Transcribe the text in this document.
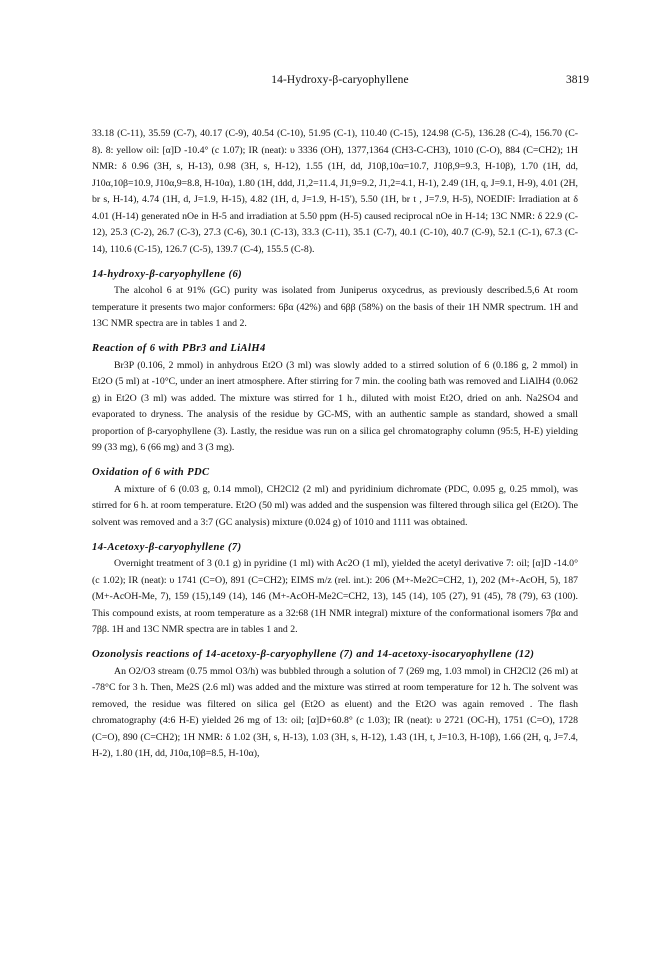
14-Hydroxy-β-caryophyllene	3819

33.18 (C-11), 35.59 (C-7), 40.17 (C-9), 40.54 (C-10), 51.95 (C-1), 110.40 (C-15), 124.98 (C-5), 136.28 (C-4), 156.70 (C-8). 8: yellow oil: [α]D -10.4° (c 1.07); IR (neat): υ 3336 (OH), 1377,1364 (CH3-C-CH3), 1010 (C-O), 884 (C=CH2); 1H NMR: δ 0.96 (3H, s, H-13), 0.98 (3H, s, H-12), 1.55 (1H, dd, J10β,10α=10.7, J10β,9=9.3, H-10β), 1.70 (1H, dd, J10α,10β=10.9, J10α,9=8.8, H-10α), 1.80 (1H, ddd, J1,2=11.4, J1,9=9.2, J1,2=4.1, H-1), 2.49 (1H, q, J=9.1, H-9), 4.01 (2H, br s, H-14), 4.74 (1H, d, J=1.9, H-15), 4.82 (1H, d, J=1.9, H-15'), 5.50 (1H, br t , J=7.9, H-5), NOEDIF: Irradiation at δ 4.01 (H-14) generated nOe in H-5 and irradiation at 5.50 ppm (H-5) caused reciprocal nOe in H-14; 13C NMR: δ 22.9 (C-12), 25.3 (C-2), 26.7 (C-3), 27.3 (C-6), 30.1 (C-13), 33.3 (C-11), 35.1 (C-7), 40.1 (C-10), 40.7 (C-9), 52.1 (C-1), 67.3 (C-14), 110.6 (C-15), 126.7 (C-5), 139.7 (C-4), 155.5 (C-8).

14-hydroxy-β-caryophyllene (6)

The alcohol 6 at 91% (GC) purity was isolated from Juniperus oxycedrus, as previously described.5,6 At room temperature it presents two major conformers: 6βα (42%) and 6ββ (58%) on the basis of their 1H NMR spectrum. 1H and 13C NMR spectra are in tables 1 and 2.

Reaction of 6 with PBr3 and LiAlH4

Br3P (0.106, 2 mmol) in anhydrous Et2O (3 ml) was slowly added to a stirred solution of 6 (0.186 g, 2 mmol) in Et2O (5 ml) at -10°C, under an inert atmosphere. After stirring for 7 min. the cooling bath was removed and LiAlH4 (0.062 g) in Et2O (3 ml) was added. The mixture was stirred for 1 h., diluted with moist Et2O, dried on anh. Na2SO4 and evaporated to dryness. The analysis of the residue by GC-MS, with an authentic sample as standard, showed a small proportion of β-caryophyllene (3). Lastly, the residue was run on a silica gel chromatography column (95:5, H-E) yielding 99 (33 mg), 6 (66 mg) and 3 (3 mg).

Oxidation of 6 with PDC

A mixture of 6 (0.03 g, 0.14 mmol), CH2Cl2 (2 ml) and pyridinium dichromate (PDC, 0.095 g, 0.25 mmol), was stirred for 6 h. at room temperature. Et2O (50 ml) was added and the suspension was filtered through silica gel (Et2O). The solvent was removed and a 3:7 (GC analysis) mixture (0.024 g) of 1010 and 1111 was obtained.

14-Acetoxy-β-caryophyllene (7)

Overnight treatment of 3 (0.1 g) in pyridine (1 ml) with Ac2O (1 ml), yielded the acetyl derivative 7: oil; [α]D -14.0° (c 1.02); IR (neat): υ 1741 (C=O), 891 (C=CH2); EIMS m/z (rel. int.): 206 (M+-Me2C=CH2, 1), 202 (M+-AcOH, 5), 187 (M+-AcOH-Me, 7), 159 (15),149 (14), 146 (M+-AcOH-Me2C=CH2, 13), 145 (14), 105 (27), 91 (45), 78 (79), 63 (100). This compound exists, at room temperature as a 32:68 (1H NMR integral) mixture of the conformational isomers 7βα and 7ββ. 1H and 13C NMR spectra are in tables 1 and 2.

Ozonolysis reactions of 14-acetoxy-β-caryophyllene (7) and 14-acetoxy-isocaryophyllene (12)

An O2/O3 stream (0.75 mmol O3/h) was bubbled through a solution of 7 (269 mg, 1.03 mmol) in CH2Cl2 (26 ml) at -78°C for 3 h. Then, Me2S (2.6 ml) was added and the mixture was stirred at room temperature for 12 h. The solvent was removed, the residue was filtered on silica gel (Et2O as eluent) and the Et2O was again removed . The flash chromatography (4:6 H-E) yielded 26 mg of 13: oil; [α]D+60.8° (c 1.03); IR (neat): υ 2721 (OC-H), 1751 (C=O), 1728 (C=O), 890 (C=CH2); 1H NMR: δ 1.02 (3H, s, H-13), 1.03 (3H, s, H-12), 1.43 (1H, t, J=10.3, H-10β), 1.66 (2H, q, J=7.4, H-2), 1.80 (1H, dd, J10α,10β=8.5, H-10α),
